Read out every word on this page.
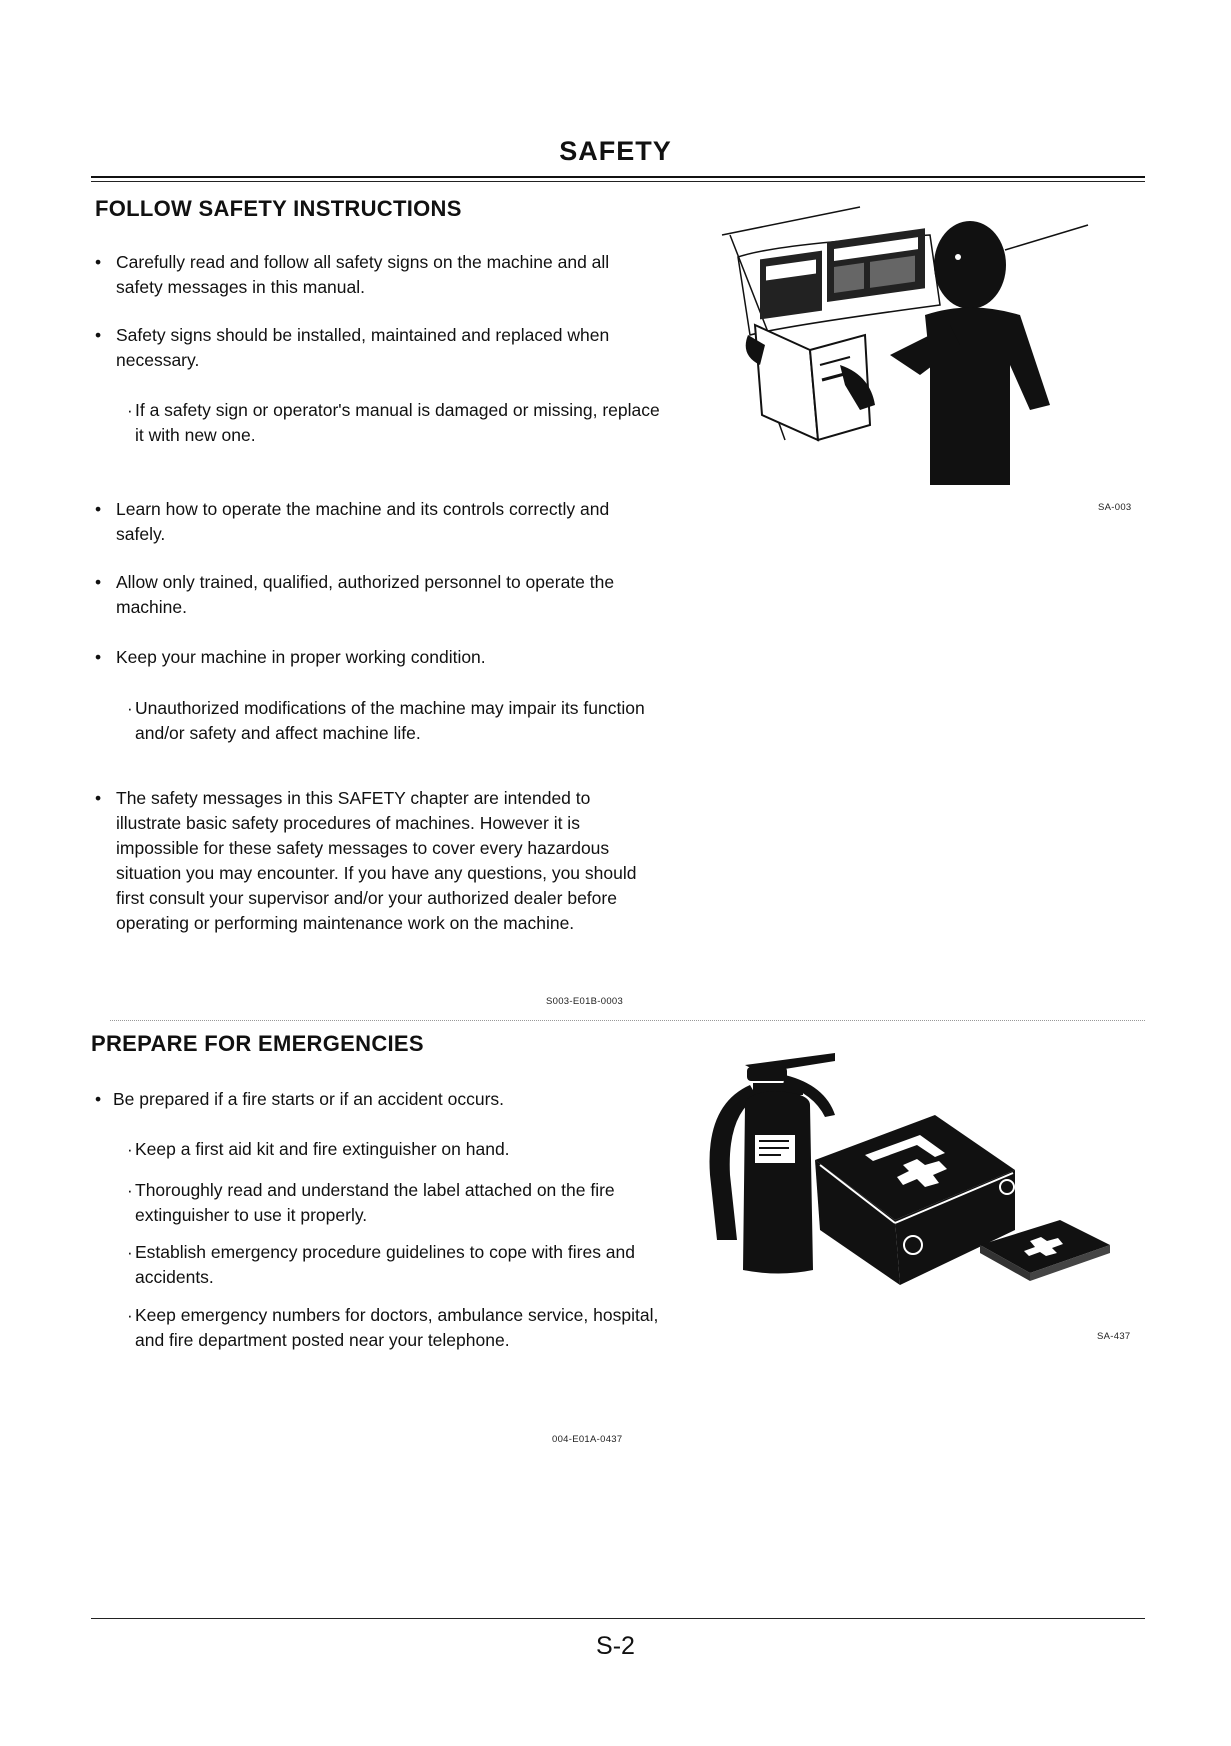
SAFETY
FOLLOW SAFETY INSTRUCTIONS
• Carefully read and follow all safety signs on the machine and all safety messages in this manual.
• Safety signs should be installed, maintained and replaced when necessary.
· If a safety sign or operator's manual is damaged or missing, replace it with new one.
• Learn how to operate the machine and its controls correctly and safely.
• Allow only trained, qualified, authorized personnel to operate the machine.
• Keep your machine in proper working condition.
· Unauthorized modifications of the machine may impair its function and/or safety and affect machine life.
• The safety messages in this SAFETY chapter are intended to illustrate basic safety procedures of machines. However it is impossible for these safety messages to cover every hazardous situation you may encounter. If you have any questions, you should first consult your supervisor and/or your authorized dealer before operating or performing maintenance work on the machine.
S003-E01B-0003
SA-003
PREPARE FOR EMERGENCIES
• Be prepared if a fire starts or if an accident occurs.
· Keep a first aid kit and fire extinguisher on hand.
· Thoroughly read and understand the label attached on the fire extinguisher to use it properly.
· Establish emergency procedure guidelines to cope with fires and accidents.
· Keep emergency numbers for doctors, ambulance service, hospital, and fire department posted near your telephone.
004-E01A-0437
SA-437
S-2
